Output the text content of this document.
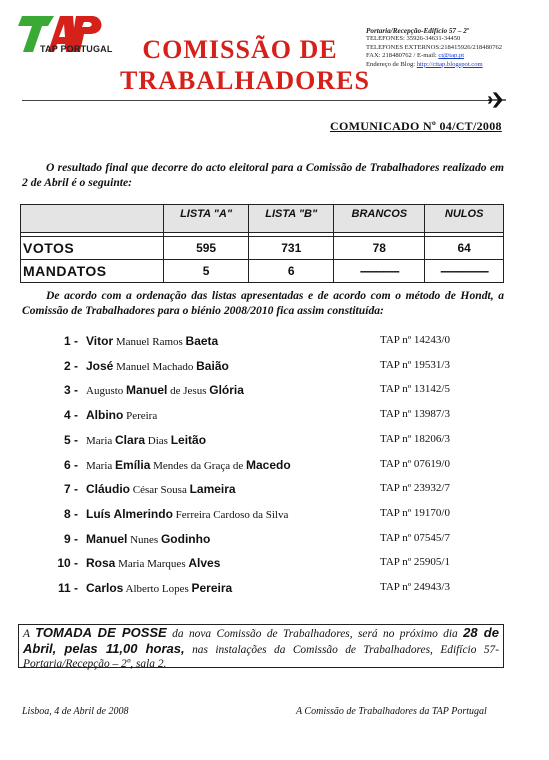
TAP PORTUGAL	COMISSÃO DE
TRABALHADORES
Portaria/Recepção-Edifício 57 – 2º
TELEFONES: 35926-34631-34450
TELEFONES EXTERNOS:218415926/218480762
FAX: 218480762 / E-mail: ct@tap.pt
Endereço de Blog: http://cttap.blogspot.com
COMUNICADO Nº 04/CT/2008
O resultado final que decorre do acto eleitoral para a Comissão de Trabalhadores realizado em 2 de Abril é o seguinte:
	LISTA "A"	LISTA "B"	BRANCOS	NULOS

VOTOS	595	731	78	64
MANDATOS	5	6	-------------	----------------
De acordo com a ordenação das listas apresentadas e de acordo com o método de Hondt, a Comissão de Trabalhadores para o biénio 2008/2010 fica assim constituída:
1 - Vitor Manuel Ramos Baeta	TAP nº 14243/0
2 - José Manuel Machado Baião	TAP nº 19531/3
3 - Augusto Manuel de Jesus Glória	TAP nº 13142/5
4 - Albino Pereira	TAP nº 13987/3
5 - Maria Clara Dias Leitão	TAP nº 18206/3
6 - Maria Emília Mendes da Graça de Macedo	TAP nº 07619/0
7 - Cláudio César Sousa Lameira	TAP nº 23932/7
8 - Luís Almerindo Ferreira Cardoso da Silva	TAP nº 19170/0
9 - Manuel Nunes Godinho	TAP nº 07545/7
10 - Rosa Maria Marques Alves	TAP nº 25905/1
11 - Carlos Alberto Lopes Pereira	TAP nº 24943/3
A TOMADA DE POSSE da nova Comissão de Trabalhadores, será no próximo dia 28 de Abril, pelas 11,00 horas, nas instalações da Comissão de Trabalhadores, Edifício 57-Portaria/Recepção – 2º, sala 2.
Lisboa, 4 de Abril de 2008	A Comissão de Trabalhadores da TAP Portugal
